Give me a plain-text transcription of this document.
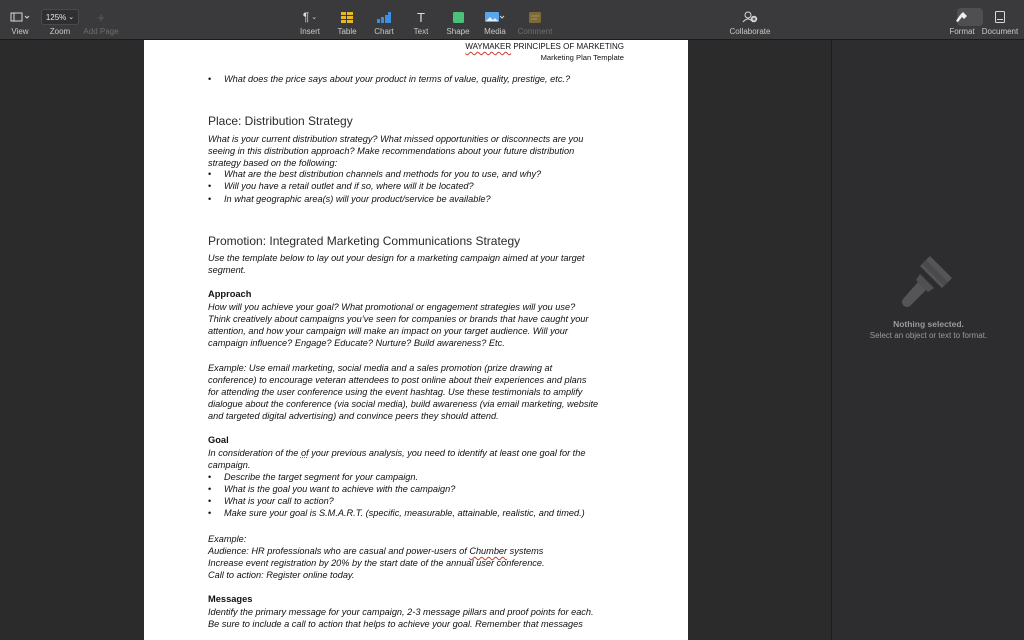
View
125% ⌄
Zoom
+
Add Page
¶ ⌄
Insert Table Chart
T
Text Shape Media Comment	Collaborate	Format Document
WAYMAKER PRINCIPLES OF MARKETING
Marketing Plan Template
• What does the price says about your product in terms of value, quality, prestige, etc.?
Place: Distribution Strategy
What is your current distribution strategy? What missed opportunities or disconnects are you
seeing in this distribution approach? Make recommendations about your future distribution
strategy based on the following:
• What are the best distribution channels and methods for you to use, and why?
• Will you have a retail outlet and if so, where will it be located?
• In what geographic area(s) will your product/service be available?
Promotion: Integrated Marketing Communications Strategy
Use the template below to lay out your design for a marketing campaign aimed at your target
segment.
Approach
How will you achieve your goal? What promotional or engagement strategies will you use?
Think creatively about campaigns you’ve seen for companies or brands that have caught your
attention, and how your campaign will make an impact on your target audience. Will your
campaign influence? Engage? Educate? Nurture? Build awareness? Etc.
Example: Use email marketing, social media and a sales promotion (prize drawing at
conference) to encourage veteran attendees to post online about their experiences and plans
for attending the user conference using the event hashtag. Use these testimonials to amplify
dialogue about the conference (via social media), build awareness (via email marketing, website
and targeted digital advertising) and convince peers they should attend.
Goal
In consideration of the of your previous analysis, you need to identify at least one goal for the
campaign.
• Describe the target segment for your campaign.
• What is the goal you want to achieve with the campaign?
• What is your call to action?
• Make sure your goal is S.M.A.R.T. (specific, measurable, attainable, realistic, and timed.)
Example:
Audience: HR professionals who are casual and power-users of Chumber systems
Increase event registration by 20% by the start date of the annual user conference.
Call to action: Register online today.
Messages
Identify the primary message for your campaign, 2-3 message pillars and proof points for each.
Be sure to include a call to action that helps to achieve your goal. Remember that messages
Nothing selected.
Select an object or text to format.
